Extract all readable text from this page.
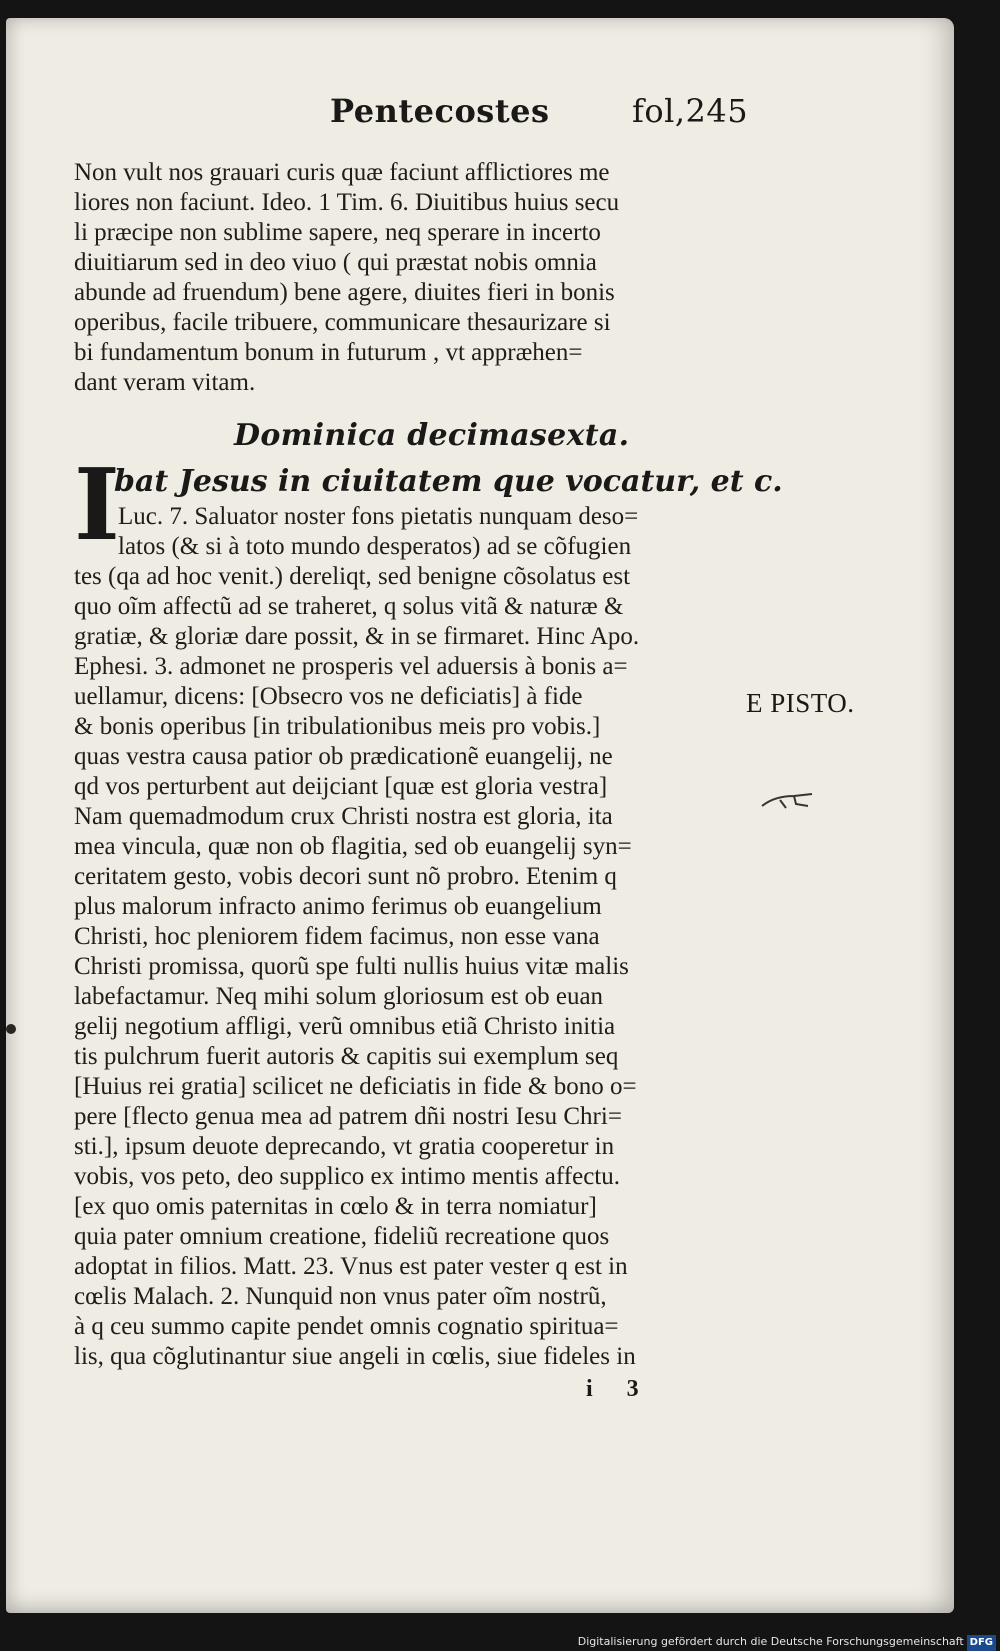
Pentecostes	fol,245
Non vult nos grauari curis quæ faciunt afflictiores me
liores non faciunt. Ideo. 1 Tim. 6. Diuitibus huius secu
li præcipe non sublime sapere, neq sperare in incerto
diuitiarum sed in deo viuo ( qui præstat nobis omnia
abunde ad fruendum) bene agere, diuites fieri in bonis
operibus, facile tribuere, communicare thesaurizare si
bi fundamentum bonum in futurum , vt appræhen=
dant veram vitam.
Dominica decimasexta.
I
bat Jesus in ciuitatem que vocatur, et c.
Luc. 7. Saluator noster fons pietatis nunquam deso=
latos (& si à toto mundo desperatos) ad se cõfugien
tes (qa ad hoc venit.) dereliqt, sed benigne cõsolatus est
quo oĩm affectũ ad se traheret, q solus vitã & naturæ &
gratiæ, & gloriæ dare possit, & in se firmaret. Hinc Apo.
Ephesi. 3. admonet ne prosperis vel aduersis à bonis a=
uellamur, dicens: [Obsecro vos ne deficiatis] à fide
& bonis operibus [in tribulationibus meis pro vobis.]
quas vestra causa patior ob prædicationẽ euangelij, ne
qd vos perturbent aut deijciant [quæ est gloria vestra]
Nam quemadmodum crux Christi nostra est gloria, ita
mea vincula, quæ non ob flagitia, sed ob euangelij syn=
ceritatem gesto, vobis decori sunt nõ probro. Etenim q
plus malorum infracto animo ferimus ob euangelium
Christi, hoc pleniorem fidem facimus, non esse vana
Christi promissa, quorũ spe fulti nullis huius vitæ malis
labefactamur. Neq mihi solum gloriosum est ob euan
gelij negotium affligi, verũ omnibus etiã Christo initia
tis pulchrum fuerit autoris & capitis sui exemplum seq
[Huius rei gratia] scilicet ne deficiatis in fide & bono o=
pere [flecto genua mea ad patrem dñi nostri Iesu Chri=
sti.], ipsum deuote deprecando, vt gratia cooperetur in
vobis, vos peto, deo supplico ex intimo mentis affectu.
[ex quo omis paternitas in cœlo & in terra nomiatur]
quia pater omnium creatione, fideliũ recreatione quos
adoptat in filios. Matt. 23. Vnus est pater vester q est in
cœlis Malach. 2. Nunquid non vnus pater oĩm nostrũ,
à q ceu summo capite pendet omnis cognatio spiritua=
lis, qua cõglutinantur siue angeli in cœlis, siue fideles in
E PISTO.
i 3
Digitalisierung gefördert durch die Deutsche Forschungsgemeinschaft DFG
